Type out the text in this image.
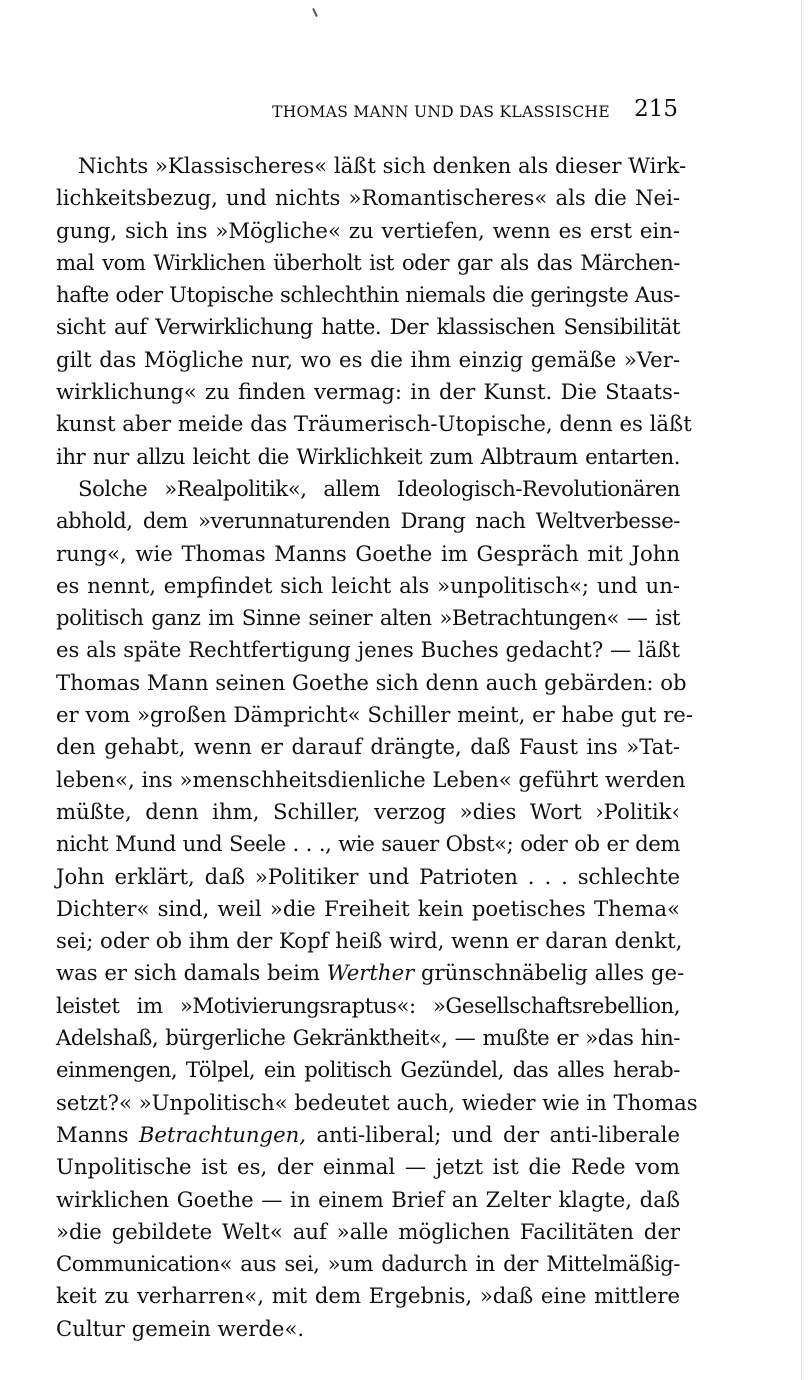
THOMAS MANN UND DAS KLASSISCHE 215
Nichts »Klassischeres« läßt sich denken als dieser Wirk-
lichkeitsbezug, und nichts »Romantischeres« als die Nei-
gung, sich ins »Mögliche« zu vertiefen, wenn es erst ein-
mal vom Wirklichen überholt ist oder gar als das Märchen-
hafte oder Utopische schlechthin niemals die geringste Aus-
sicht auf Verwirklichung hatte. Der klassischen Sensibilität
gilt das Mögliche nur, wo es die ihm einzig gemäße »Ver-
wirklichung« zu finden vermag: in der Kunst. Die Staats-
kunst aber meide das Träumerisch-Utopische, denn es läßt
ihr nur allzu leicht die Wirklichkeit zum Albtraum entarten.
Solche »Realpolitik«, allem Ideologisch-Revolutionären
abhold, dem »verunnaturenden Drang nach Weltverbesse-
rung«, wie Thomas Manns Goethe im Gespräch mit John
es nennt, empfindet sich leicht als »unpolitisch«; und un-
politisch ganz im Sinne seiner alten »Betrachtungen« — ist
es als späte Rechtfertigung jenes Buches gedacht? — läßt
Thomas Mann seinen Goethe sich denn auch gebärden: ob
er vom »großen Dämpricht« Schiller meint, er habe gut re-
den gehabt, wenn er darauf drängte, daß Faust ins »Tat-
leben«, ins »menschheitsdienliche Leben« geführt werden
müßte, denn ihm, Schiller, verzog »dies Wort ›Politik‹
nicht Mund und Seele . . ., wie sauer Obst«; oder ob er dem
John erklärt, daß »Politiker und Patrioten . . . schlechte
Dichter« sind, weil »die Freiheit kein poetisches Thema«
sei; oder ob ihm der Kopf heiß wird, wenn er daran denkt,
was er sich damals beim Werther grünschnäbelig alles ge-
leistet im »Motivierungsraptus«: »Gesellschaftsrebellion,
Adelshaß, bürgerliche Gekränktheit«, — mußte er »das hin-
einmengen, Tölpel, ein politisch Gezündel, das alles herab-
setzt?« »Unpolitisch« bedeutet auch, wieder wie in Thomas
Manns Betrachtungen, anti-liberal; und der anti-liberale
Unpolitische ist es, der einmal — jetzt ist die Rede vom
wirklichen Goethe — in einem Brief an Zelter klagte, daß
»die gebildete Welt« auf »alle möglichen Facilitäten der
Communication« aus sei, »um dadurch in der Mittelmäßig-
keit zu verharren«, mit dem Ergebnis, »daß eine mittlere
Cultur gemein werde«.
